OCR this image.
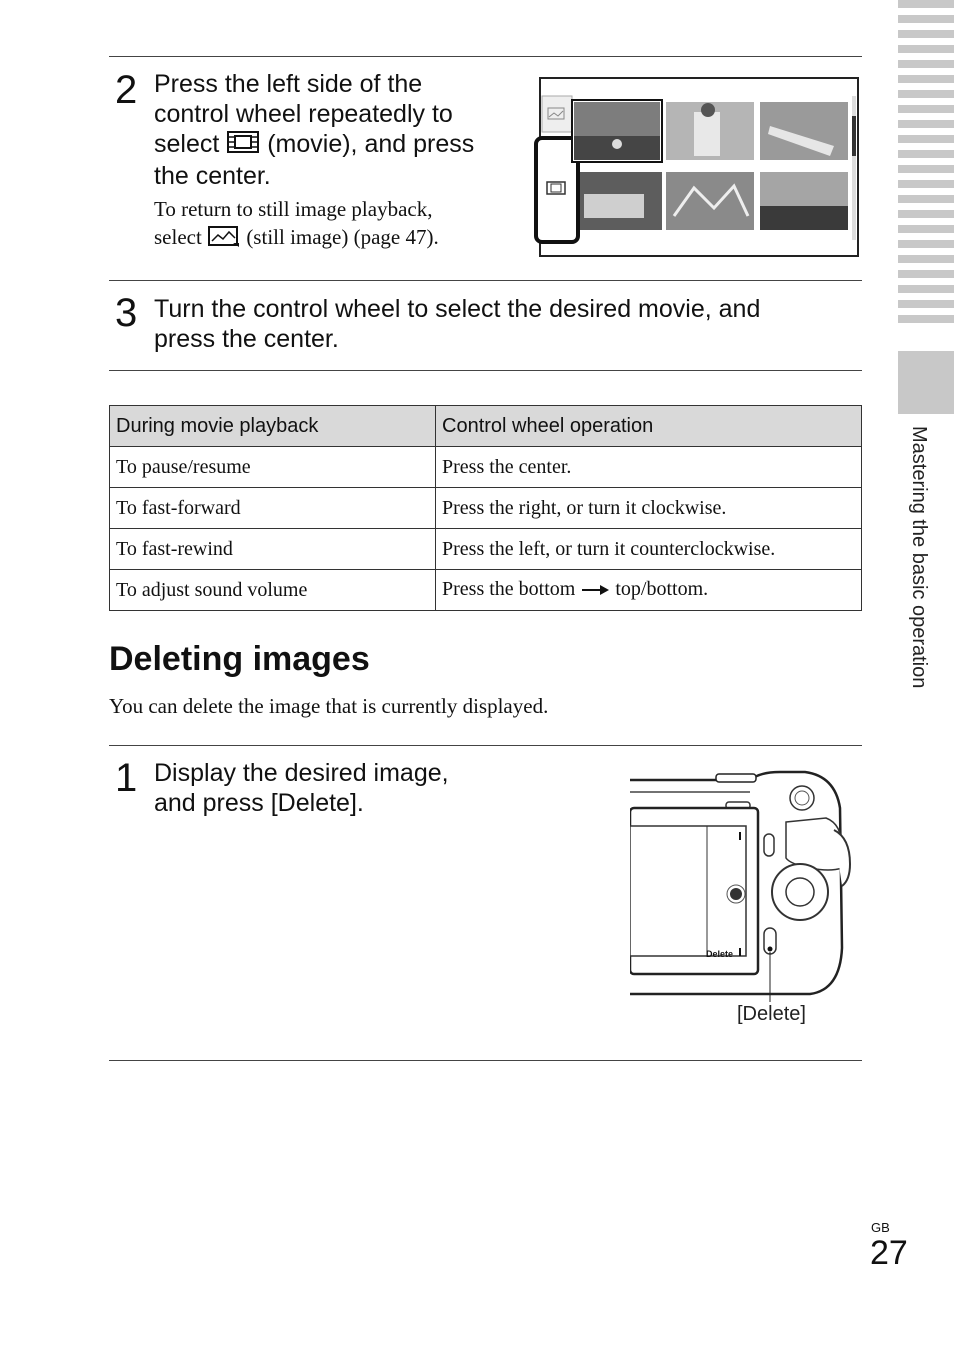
Mastering the basic operation
2 Press the left side of the
control wheel repeatedly to
select (movie), and press
the center.
To return to still image playback,
select (still image) (page 47).
3 Turn the control wheel to select the desired movie, and
press the center.
During movie playback	Control wheel operation
To pause/resume	Press the center.
To fast-forward	Press the right, or turn it clockwise.
To fast-rewind	Press the left, or turn it counterclockwise.
To adjust sound volume	Press the bottom top/bottom.
Deleting images
You can delete the image that is currently displayed.
1 Display the desired image,
and press [Delete].
Delete
[Delete]
GB
27
